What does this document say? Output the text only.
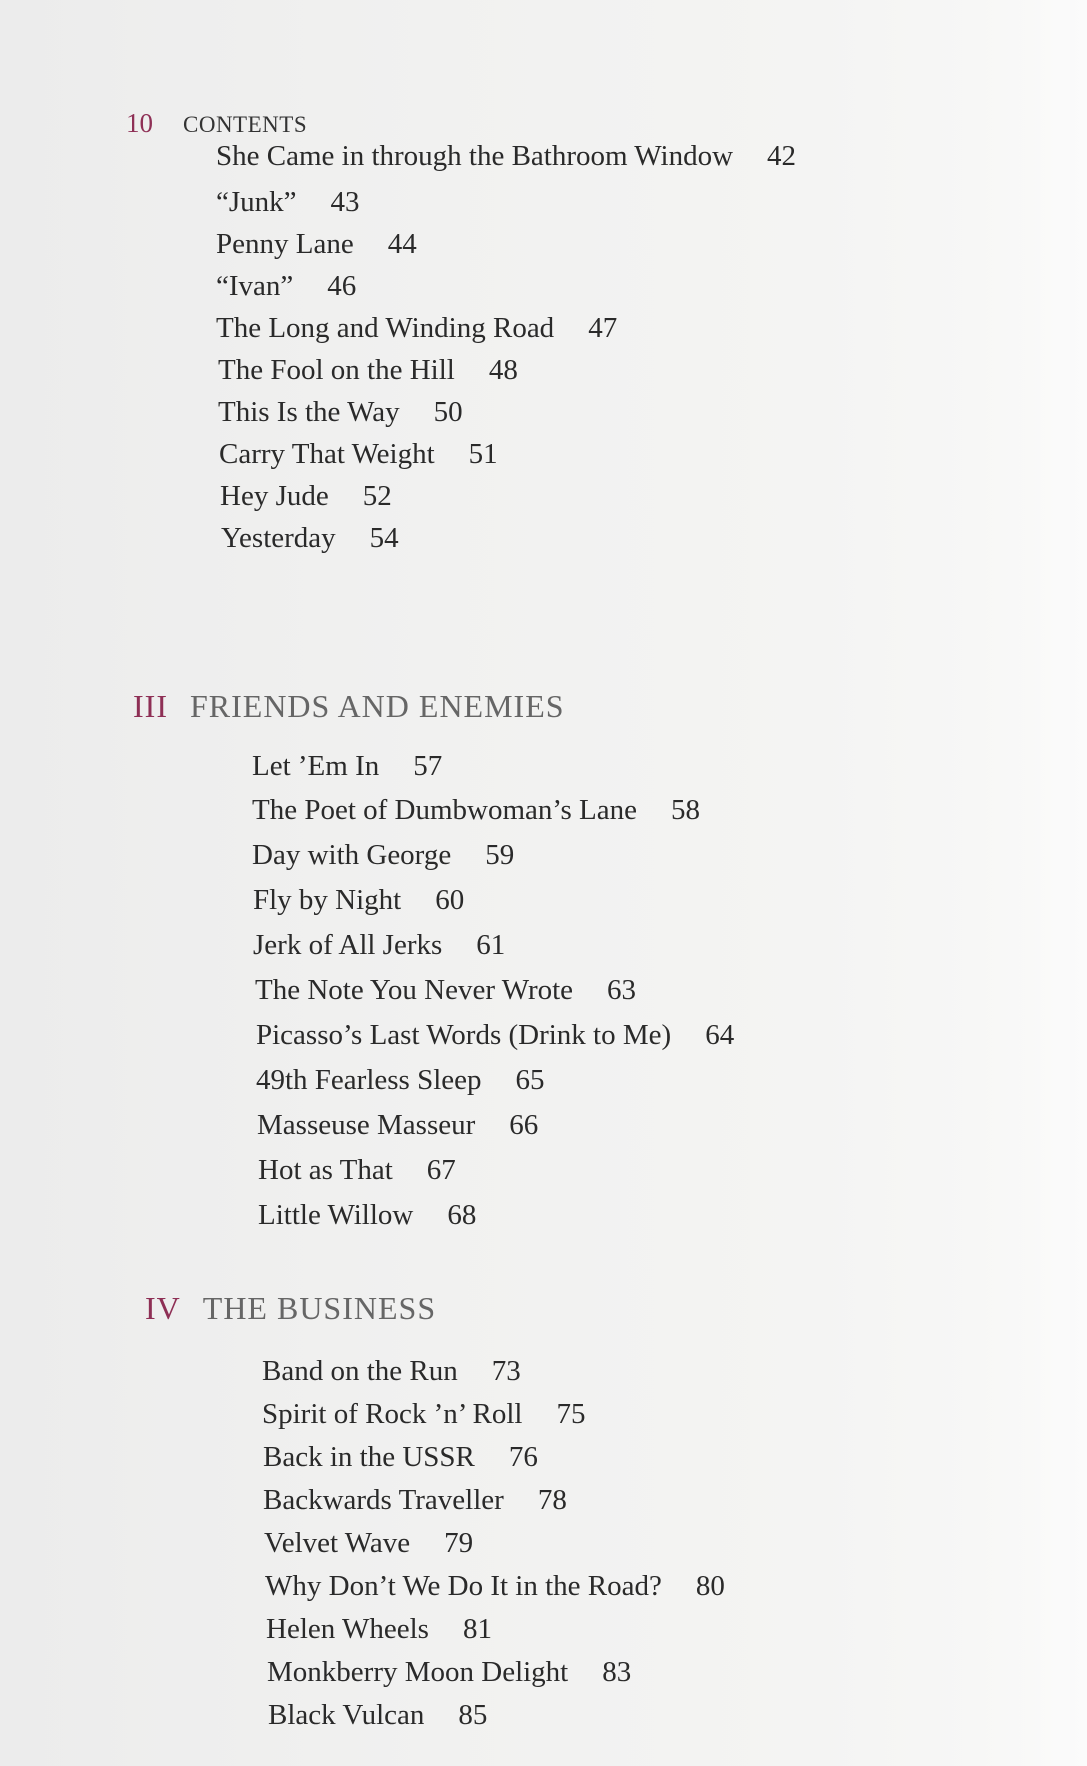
10 CONTENTS
She Came in through the Bathroom Window 42
“Junk” 43
Penny Lane 44
“Ivan” 46
The Long and Winding Road 47
The Fool on the Hill 48
This Is the Way 50
Carry That Weight 51
Hey Jude 52
Yesterday 54
III FRIENDS AND ENEMIES
Let ’Em In 57
The Poet of Dumbwoman’s Lane 58
Day with George 59
Fly by Night 60
Jerk of All Jerks 61
The Note You Never Wrote 63
Picasso’s Last Words (Drink to Me) 64
49th Fearless Sleep 65
Masseuse Masseur 66
Hot as That 67
Little Willow 68
IV THE BUSINESS
Band on the Run 73
Spirit of Rock ’n’ Roll 75
Back in the USSR 76
Backwards Traveller 78
Velvet Wave 79
Why Don’t We Do It in the Road? 80
Helen Wheels 81
Monkberry Moon Delight 83
Black Vulcan 85
